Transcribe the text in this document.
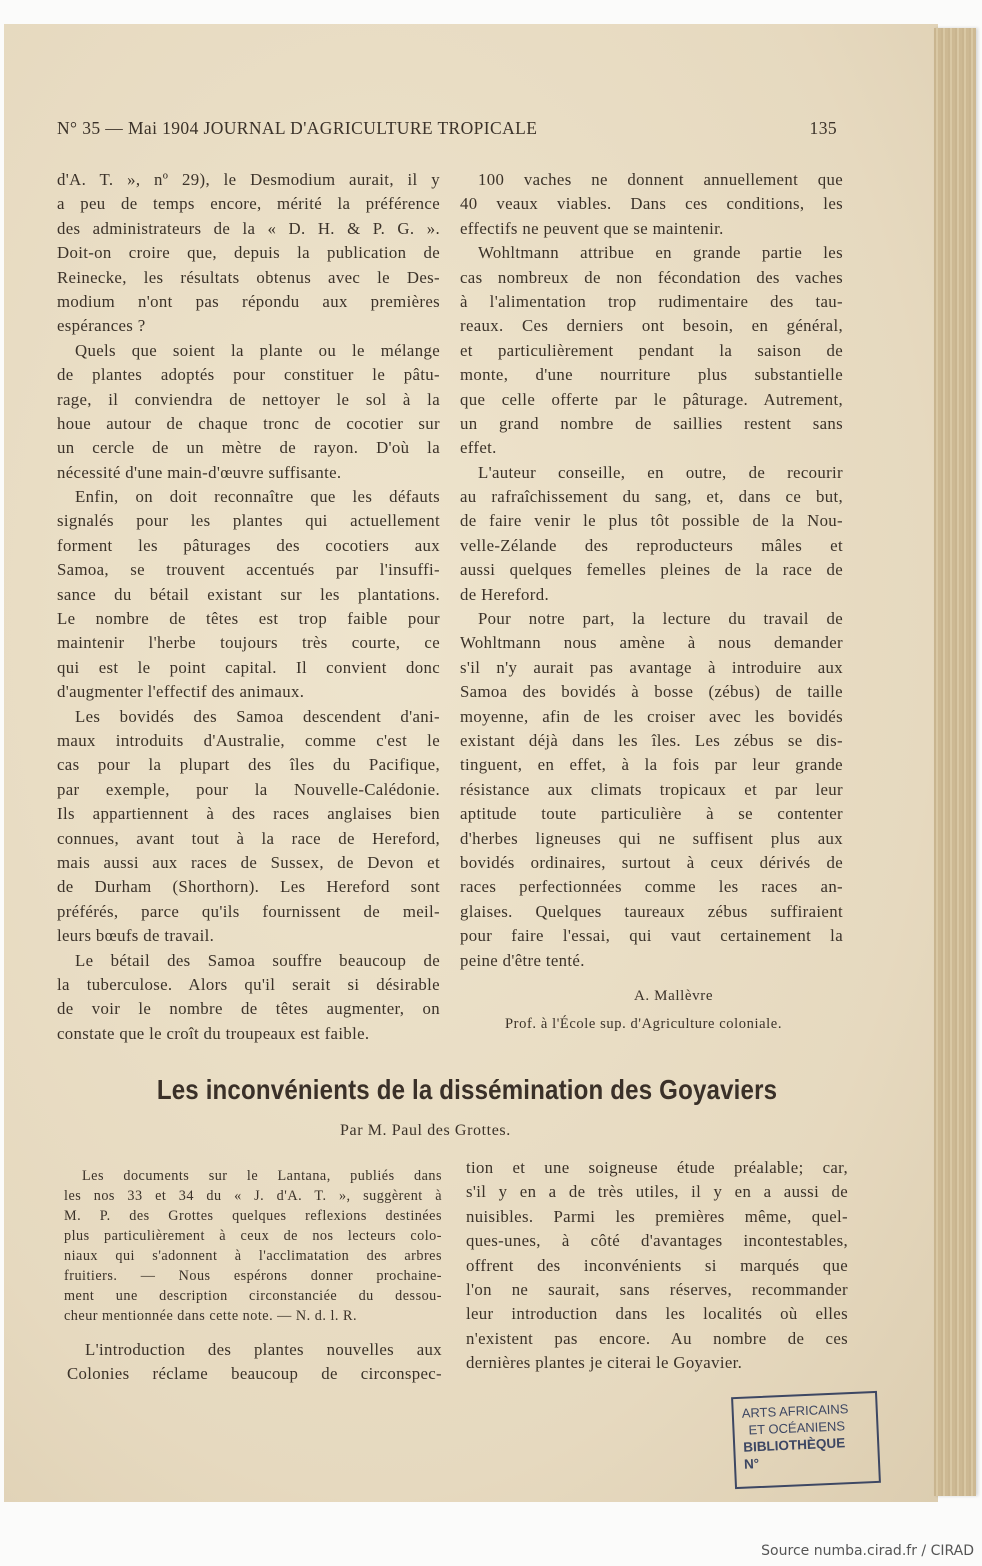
N° 35 — Mai 1904 JOURNAL D'AGRICULTURE TROPICALE	135
d'A. T. », nº 29), le Desmodium aurait, il y
a peu de temps encore, mérité la préférence
des administrateurs de la « D. H. & P. G. ».
Doit-on croire que, depuis la publication de
Reinecke, les résultats obtenus avec le Des-
modium n'ont pas répondu aux premières
espérances ?
Quels que soient la plante ou le mélange
de plantes adoptés pour constituer le pâtu-
rage, il conviendra de nettoyer le sol à la
houe autour de chaque tronc de cocotier sur
un cercle de un mètre de rayon. D'où la
nécessité d'une main-d'œuvre suffisante.
Enfin, on doit reconnaître que les défauts
signalés pour les plantes qui actuellement
forment les pâturages des cocotiers aux
Samoa, se trouvent accentués par l'insuffi-
sance du bétail existant sur les plantations.
Le nombre de têtes est trop faible pour
maintenir l'herbe toujours très courte, ce
qui est le point capital. Il convient donc
d'augmenter l'effectif des animaux.
Les bovidés des Samoa descendent d'ani-
maux introduits d'Australie, comme c'est le
cas pour la plupart des îles du Pacifique,
par exemple, pour la Nouvelle-Calédonie.
Ils appartiennent à des races anglaises bien
connues, avant tout à la race de Hereford,
mais aussi aux races de Sussex, de Devon et
de Durham (Shorthorn). Les Hereford sont
préférés, parce qu'ils fournissent de meil-
leurs bœufs de travail.
Le bétail des Samoa souffre beaucoup de
la tuberculose. Alors qu'il serait si désirable
de voir le nombre de têtes augmenter, on
constate que le croît du troupeaux est faible.
100 vaches ne donnent annuellement que
40 veaux viables. Dans ces conditions, les
effectifs ne peuvent que se maintenir.
Wohltmann attribue en grande partie les
cas nombreux de non fécondation des vaches
à l'alimentation trop rudimentaire des tau-
reaux. Ces derniers ont besoin, en général,
et particulièrement pendant la saison de
monte, d'une nourriture plus substantielle
que celle offerte par le pâturage. Autrement,
un grand nombre de saillies restent sans
effet.
L'auteur conseille, en outre, de recourir
au rafraîchissement du sang, et, dans ce but,
de faire venir le plus tôt possible de la Nou-
velle-Zélande des reproducteurs mâles et
aussi quelques femelles pleines de la race de
de Hereford.
Pour notre part, la lecture du travail de
Wohltmann nous amène à nous demander
s'il n'y aurait pas avantage à introduire aux
Samoa des bovidés à bosse (zébus) de taille
moyenne, afin de les croiser avec les bovidés
existant déjà dans les îles. Les zébus se dis-
tinguent, en effet, à la fois par leur grande
résistance aux climats tropicaux et par leur
aptitude toute particulière à se contenter
d'herbes ligneuses qui ne suffisent plus aux
bovidés ordinaires, surtout à ceux dérivés de
races perfectionnées comme les races an-
glaises. Quelques taureaux zébus suffiraient
pour faire l'essai, qui vaut certainement la
peine d'être tenté.
A. Mallèvre
Prof. à l'École sup. d'Agriculture coloniale.
Les inconvénients de la dissémination des Goyaviers
Par M. Paul des Grottes.
Les documents sur le Lantana, publiés dans
les nos 33 et 34 du « J. d'A. T. », suggèrent à
M. P. des Grottes quelques reflexions destinées
plus particulièrement à ceux de nos lecteurs colo-
niaux qui s'adonnent à l'acclimatation des arbres
fruitiers. — Nous espérons donner prochaine-
ment une description circonstanciée du dessou-
cheur mentionnée dans cette note. — N. d. l. R.
L'introduction des plantes nouvelles aux
Colonies réclame beaucoup de circonspec-
tion et une soigneuse étude préalable; car,
s'il y en a de très utiles, il y en a aussi de
nuisibles. Parmi les premières même, quel-
ques-unes, à côté d'avantages incontestables,
offrent des inconvénients si marqués que
l'on ne saurait, sans réserves, recommander
leur introduction dans les localités où elles
n'existent pas encore. Au nombre de ces
dernières plantes je citerai le Goyavier.
ARTS AFRICAINS
ET OCÉANIENS
BIBLIOTHÈQUE
N°
Source numba.cirad.fr / CIRAD
